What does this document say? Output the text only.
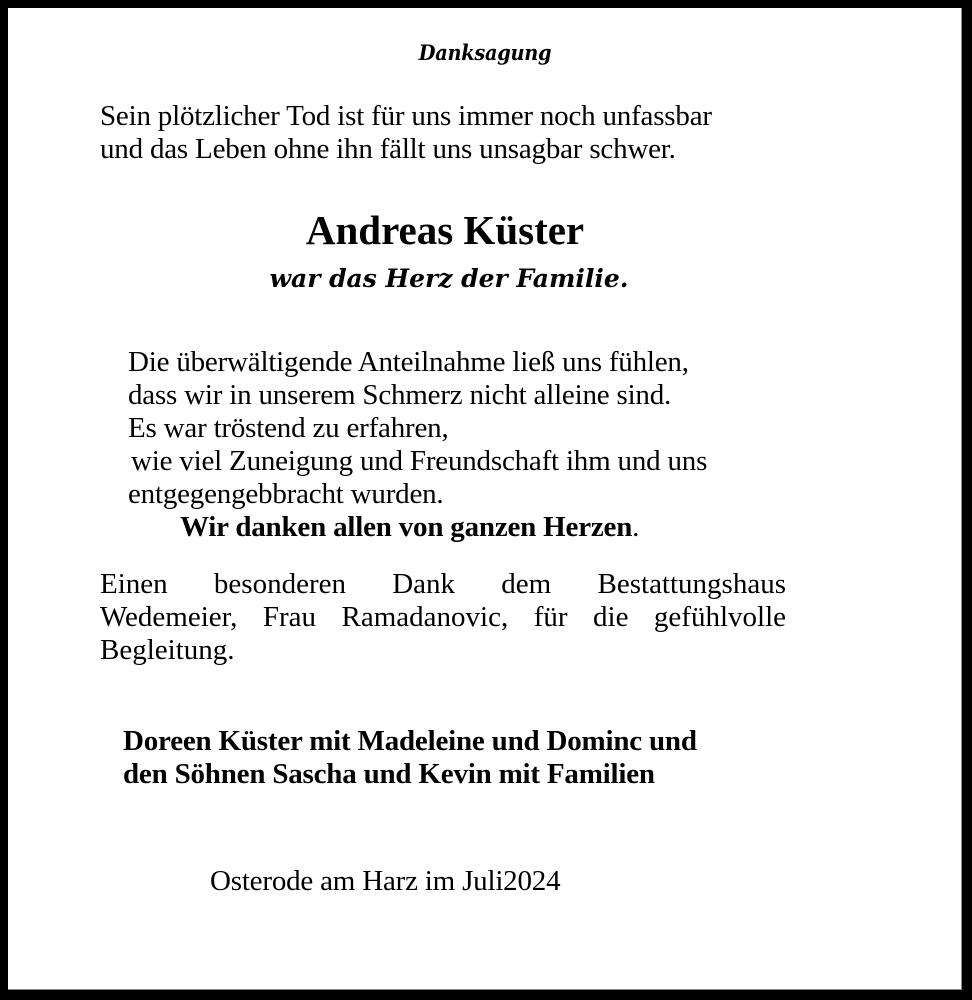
Danksagung
Sein plötzlicher Tod ist für uns immer noch unfassbar
und das Leben ohne ihn fällt uns unsagbar schwer.
Andreas Küster
war das Herz der Familie.
Die überwältigende Anteilnahme ließ uns fühlen,
dass wir in unserem Schmerz nicht alleine sind.
Es war tröstend zu erfahren,
wie viel Zuneigung und Freundschaft ihm und uns
entgegengebbracht wurden.
Wir danken allen von ganzen Herzen.
Einen besonderen Dank dem Bestattungshaus
Wedemeier, Frau Ramadanovic, für die gefühlvolle
Begleitung.
Doreen Küster mit Madeleine und Dominc und
den Söhnen Sascha und Kevin mit Familien
Osterode am Harz im Juli2024
